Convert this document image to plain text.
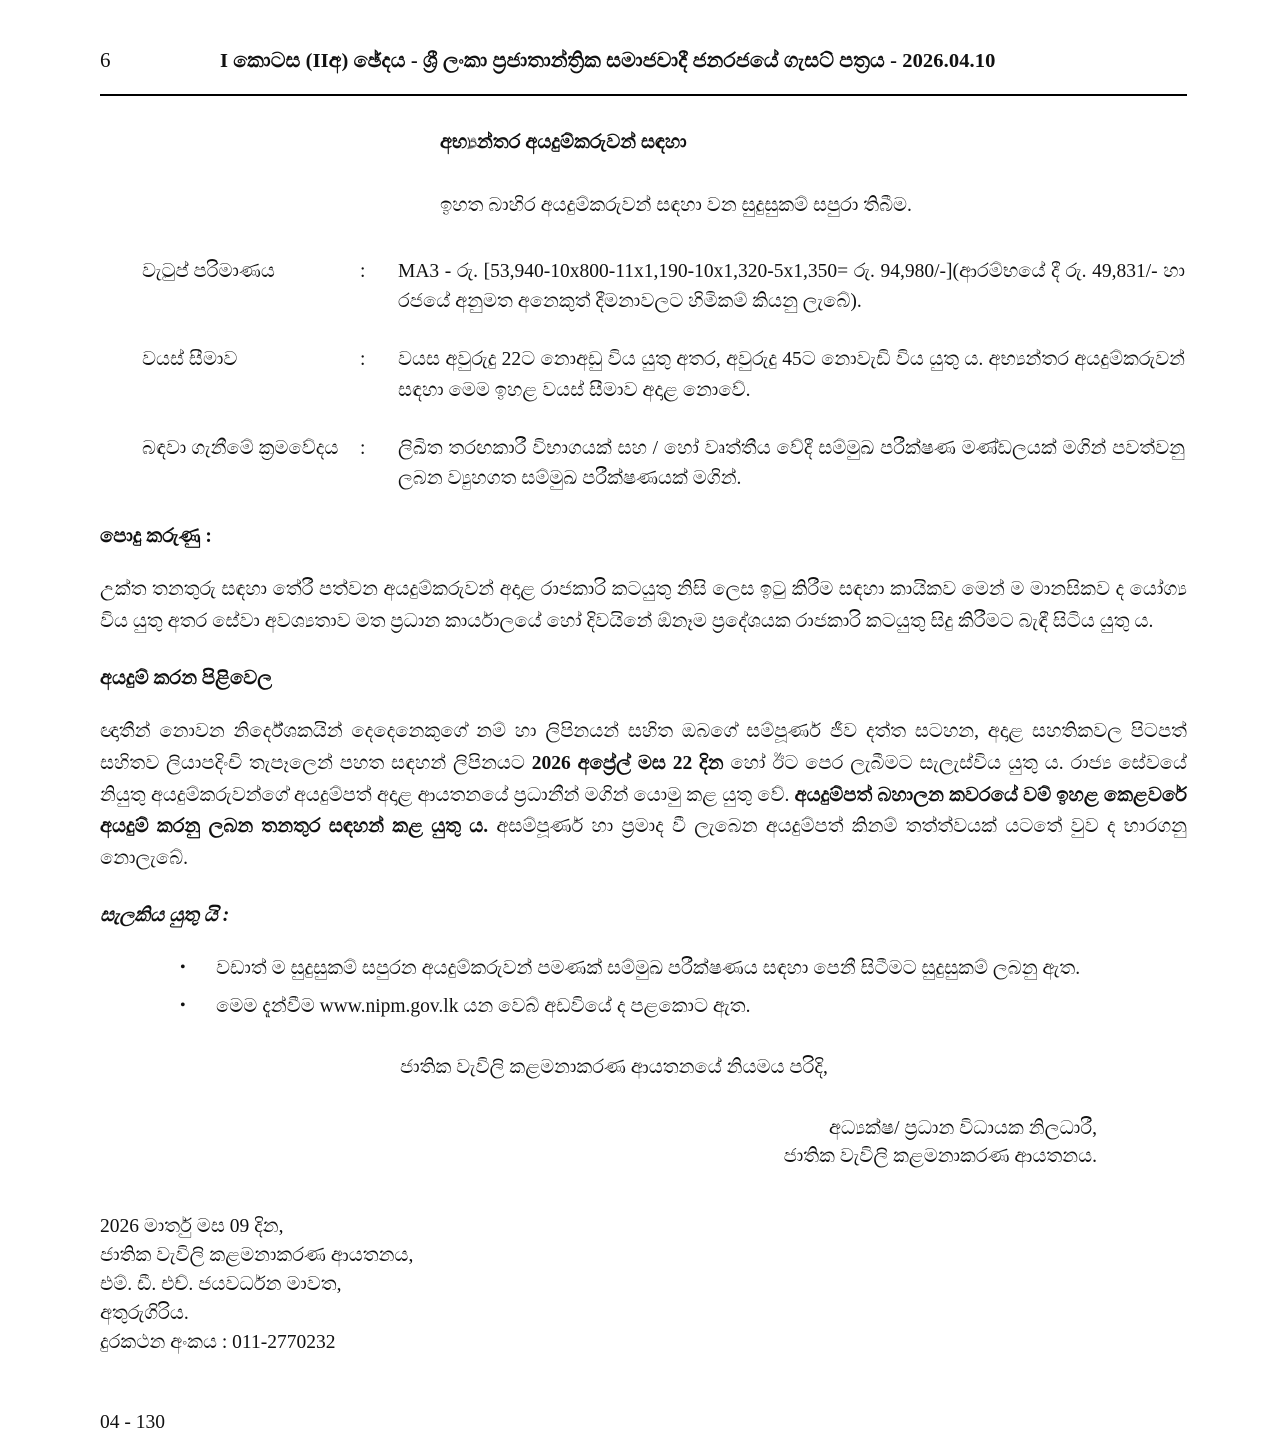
6	I කොටස (IIඅ) ඡේදය - ශ්‍රී ලංකා ප්‍රජාතාන්ත්‍රික සමාජවාදී ජනරජයේ ගැසට් පත්‍රය - 2026.04.10
අභ්‍යන්තර අයදුම්කරුවන් සඳහා
ඉහත බාහිර අයදුම්කරුවන් සඳහා වන සුදුසුකම් සපුරා තිබීම.
වැටුප් පරිමාණය	:	MA3 - රු. [53,940-10x800-11x1,190-10x1,320-5x1,350= රු. 94,980/-](ආරම්භයේ දී රු. 49,831/- හා රජයේ අනුමත අනෙකුත් දීමනාවලට හිමිකම් කියනු ලැබේ).
වයස් සීමාව	:	වයස අවුරුදු 22ට නොඅඩු විය යුතු අතර, අවුරුදු 45ට නොවැඩි විය යුතු ය. අභ්‍යන්තර අයදුම්කරුවන් සඳහා මෙම ඉහළ වයස් සීමාව අදාළ නොවේ.
බඳවා ගැනීමේ ක්‍රමවේදය	:	ලිඛිත තරඟකාරී විභාගයක් සහ / හෝ වෘත්තීය වේදී සම්මුඛ පරීක්ෂණ මණ්ඩලයක් මගින් පවත්වනු ලබන ව්‍යුහගත සම්මුඛ පරීක්ෂණයක් මගින්.
පොදු කරුණු :
උක්ත තනතුරු සඳහා තේරී පත්වන අයදුම්කරුවන් අදාළ රාජකාරි කටයුතු නිසි ලෙස ඉටු කිරීම සඳහා කායිකව මෙන් ම මානසිකව ද යෝග්‍ය විය යුතු අතර සේවා අවශ්‍යතාව මත ප්‍රධාන කාර්යාලයේ හෝ දිවයිනේ ඕනෑම ප්‍රදේශයක රාජකාරි කටයුතු සිදු කිරීමට බැඳී සිටිය යුතු ය.
අයදුම් කරන පිළිවෙල
ඥාතීන් නොවන නිර්දේශකයින් දෙදෙනෙකුගේ නම් හා ලිපිනයන් සහිත ඔබගේ සම්පූර්ණ ජීව දත්ත සටහන, අදාළ සහතිකවල පිටපත් සහිතව ලියාපදිංචි තැපෑලෙන් පහත සඳහන් ලිපිනයට 2026 අප්‍රේල් මස 22 දින හෝ ඊට පෙර ලැබීමට සැලැස්විය යුතු ය. රාජ්‍ය සේවයේ නියුතු අයදුම්කරුවන්ගේ අයදුම්පත් අදාළ ආයතනයේ ප්‍රධානීන් මගින් යොමු කළ යුතු වේ. අයදුම්පත් බහාලන කවරයේ වම් ඉහළ කෙළවරේ අයදුම් කරනු ලබන තනතුර සඳහන් කළ යුතු ය. අසම්පූර්ණ හා ප්‍රමාද වී ලැබෙන අයදුම්පත් කිනම් තත්ත්වයක් යටතේ වුව ද භාරගනු නොලැබේ.
සැලකිය යුතු යි :
•	වඩාත් ම සුදුසුකම් සපුරන අයදුම්කරුවන් පමණක් සම්මුඛ පරීක්ෂණය සඳහා පෙනී සිටීමට සුදුසුකම් ලබනු ඇත.
•	මෙම දැන්වීම www.nipm.gov.lk යන වෙබ් අඩවියේ ද පළකොට ඇත.
ජාතික වැවිලි කළමනාකරණ ආයතනයේ නියමය පරිදි,
අධ්‍යක්ෂ/ ප්‍රධාන විධායක නිලධාරී,
ජාතික වැවිලි කළමනාකරණ ආයතනය.
2026 මාර්තු මස 09 දින,
ජාතික වැවිලි කළමනාකරණ ආයතනය,
එම්. ඩී. එච්. ජයවර්ධන මාවත,
අතුරුගිරිය.
දුරකථන අංකය : 011-2770232
04 - 130
